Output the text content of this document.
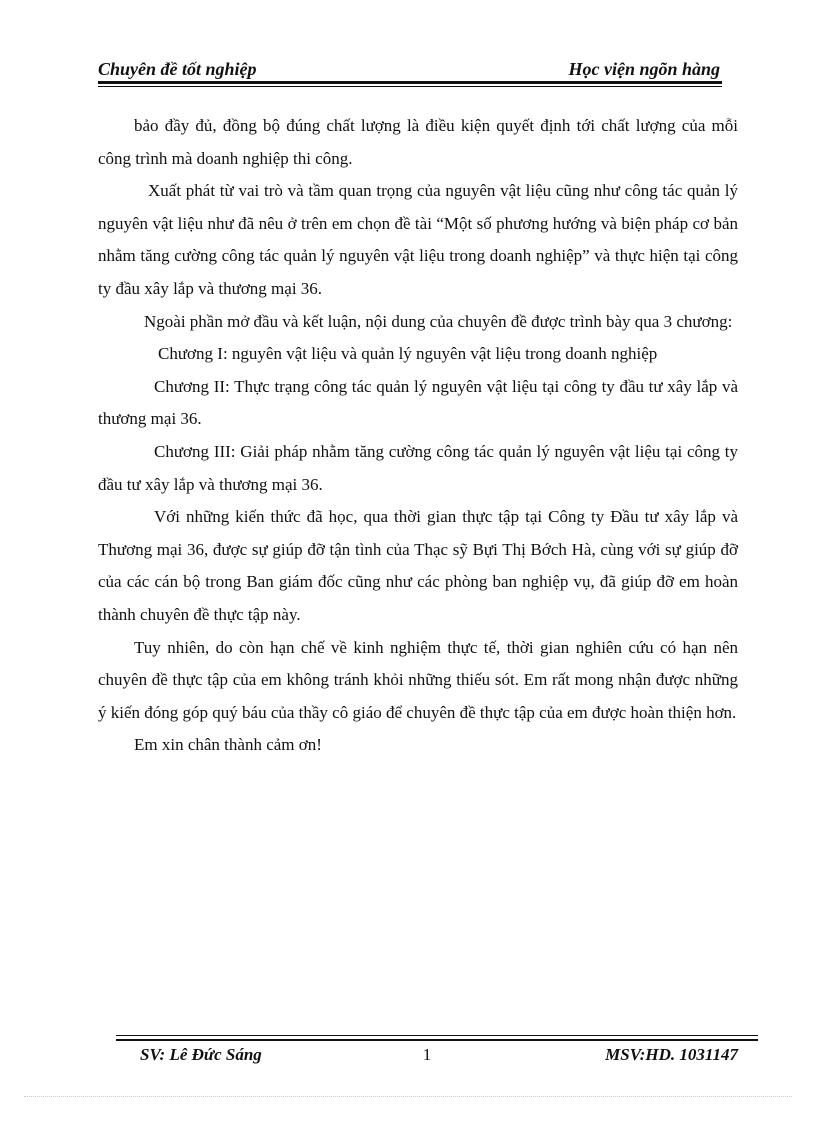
Chuyên đề tốt nghiệp	Học viện ngõn hàng

bảo đầy đủ, đồng bộ đúng chất lượng là điều kiện quyết định tới chất lượng của mỗi công trình mà doanh nghiệp thi công.

Xuất phát từ vai trò và tầm quan trọng của nguyên vật liệu cũng như công tác quản lý nguyên vật liệu như đã nêu ở trên em chọn đề tài “Một số phương hướng và biện pháp cơ bản nhằm tăng cường công tác quản lý nguyên vật liệu trong doanh nghiệp” và thực hiện tại công ty đầu xây lắp và thương mại 36.

Ngoài phần mở đầu và kết luận, nội dung của chuyên đề được trình bày qua 3 chương:

Chương I: nguyên vật liệu và quản lý nguyên vật liệu trong doanh nghiệp

Chương II: Thực trạng công tác quản lý nguyên vật liệu tại công ty đầu tư xây lắp và thương mại 36.

Chương III: Giải pháp nhằm tăng cường công tác quản lý nguyên vật liệu tại công ty đầu tư xây lắp và thương mại 36.

Với những kiến thức đã học, qua thời gian thực tập tại Công ty Đầu tư xây lắp và Thương mại 36, được sự giúp đỡ tận tình của Thạc sỹ Bựi Thị Bớch Hà, cùng với sự giúp đỡ của các cán bộ trong Ban giám đốc cũng như các phòng ban nghiệp vụ, đã giúp đỡ em hoàn thành chuyên đề thực tập này.

Tuy nhiên, do còn hạn chế về kinh nghiệm thực tế, thời gian nghiên cứu có hạn nên chuyên đề thực tập của em không tránh khỏi những thiếu sót. Em rất mong nhận được những ý kiến đóng góp quý báu của thầy cô giáo để chuyên đề thực tập của em được hoàn thiện hơn.

Em xin chân thành cảm ơn!

SV: Lê Đức Sáng	1	MSV:HD. 1031147
